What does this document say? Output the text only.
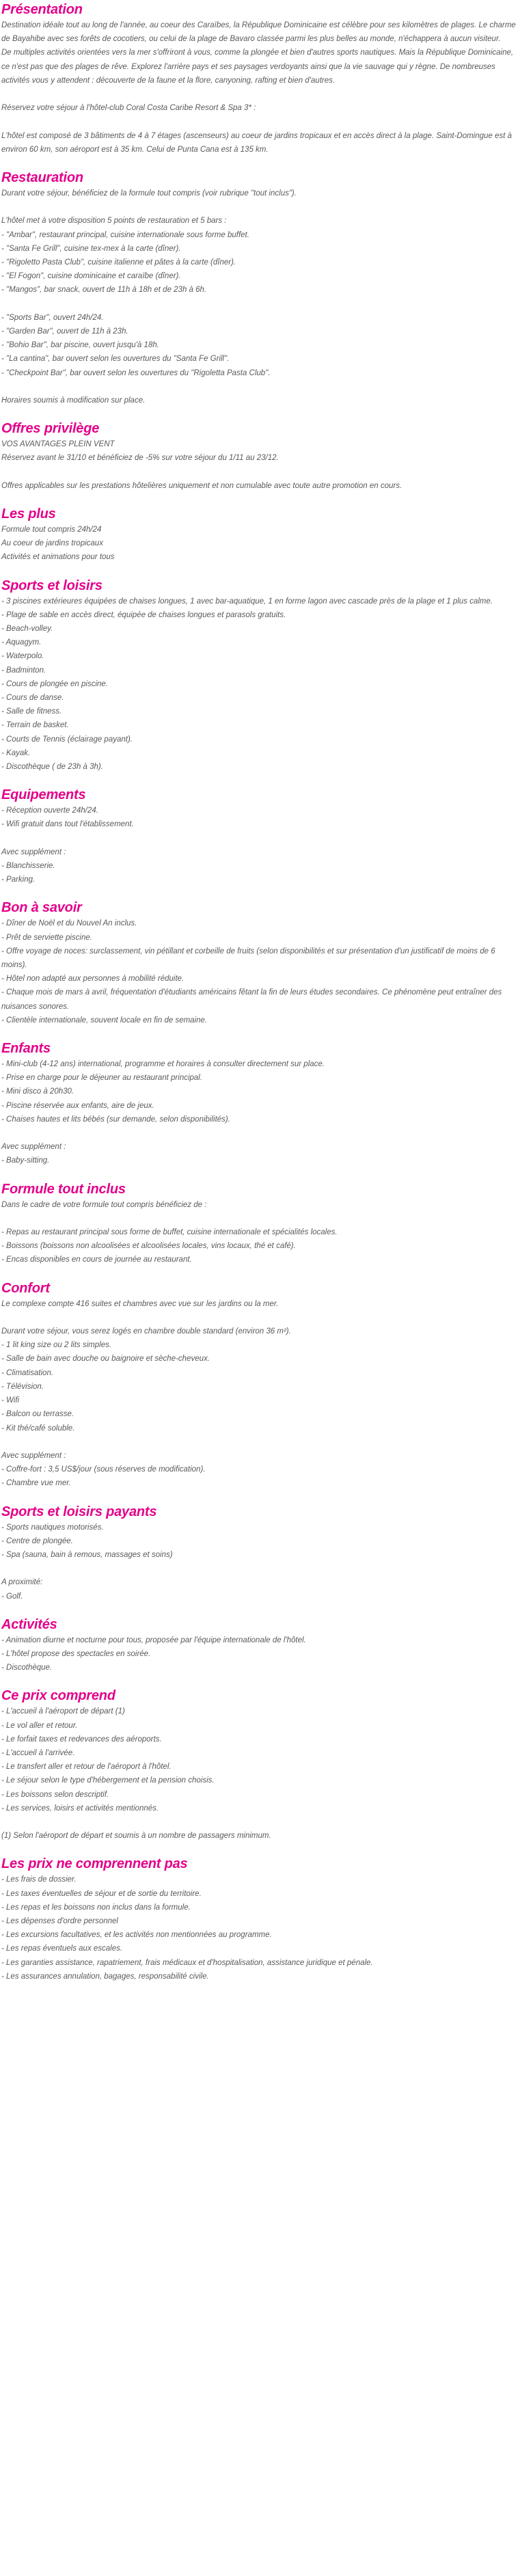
Présentation
Destination idéale tout au long de l'année, au coeur des Caraïbes, la République Dominicaine est célèbre pour ses kilomètres de plages. Le charme de Bayahibe avec ses forêts de cocotiers, ou celui de la plage de Bavaro classée parmi les plus belles au monde, n'échappera à aucun visiteur.
De multiples activités orientées vers la mer s'offriront à vous, comme la plongée et bien d'autres sports nautiques. Mais la République Dominicaine, ce n'est pas que des plages de rêve. Explorez l'arrière pays et ses paysages verdoyants ainsi que la vie sauvage qui y règne. De nombreuses activités vous y attendent : découverte de la faune et la flore, canyoning, rafting et bien d'autres.
Réservez votre séjour à l'hôtel-club Coral Costa Caribe Resort & Spa 3* :
L'hôtel est composé de 3 bâtiments de 4 à 7 étages (ascenseurs) au coeur de jardins tropicaux et en accès direct à la plage. Saint-Domingue est à environ 60 km, son aéroport est à 35 km. Celui de Punta Cana est à 135 km.
Restauration
Durant votre séjour, bénéficiez de la formule tout compris (voir rubrique "tout inclus").
L'hôtel met à votre disposition 5 points de restauration et 5 bars :
- "Ambar", restaurant principal, cuisine internationale sous forme buffet.
- "Santa Fe Grill", cuisine tex-mex à la carte (dîner).
- "Rigoletto Pasta Club", cuisine italienne et pâtes à la carte (dîner).
- "El Fogon", cuisine dominicaine et caraïbe (dîner).
- "Mangos", bar snack, ouvert de 11h à 18h et de 23h à 6h.
- "Sports Bar", ouvert 24h/24.
- "Garden Bar", ouvert de 11h à 23h.
- "Bohio Bar", bar piscine, ouvert jusqu'à 18h.
- "La cantina", bar ouvert selon les ouvertures du "Santa Fe Grill".
- "Checkpoint Bar", bar ouvert selon les ouvertures du "Rigoletta Pasta Club".
Horaires soumis à modification sur place.
Offres privilège
VOS AVANTAGES PLEIN VENT
Réservez avant le 31/10 et bénéficiez de -5% sur votre séjour du 1/11 au 23/12.
Offres applicables sur les prestations hôtelières uniquement et non cumulable avec toute autre promotion en cours.
Les plus
Formule tout compris 24h/24
Au coeur de jardins tropicaux
Activités et animations pour tous
Sports et loisirs
- 3 piscines extérieures équipées de chaises longues, 1 avec bar-aquatique, 1 en forme lagon avec cascade près de la plage et 1 plus calme.
- Plage de sable en accès direct, équipée de chaises longues et parasols gratuits.
- Beach-volley.
- Aquagym.
- Waterpolo.
- Badminton.
- Cours de plongée en piscine.
- Cours de danse.
- Salle de fitness.
- Terrain de basket.
- Courts de Tennis (éclairage payant).
- Kayak.
- Discothèque ( de 23h à 3h).
Equipements
- Réception ouverte 24h/24.
- Wifi gratuit dans tout l'établissement.
Avec supplément :
- Blanchisserie.
- Parking.
Bon à savoir
- Dîner de Noël et du Nouvel An inclus.
- Prêt de serviette piscine.
- Offre voyage de noces: surclassement, vin pétillant et corbeille de fruits (selon disponibilités et sur présentation d'un justificatif de moins de 6 moins).
- Hôtel non adapté aux personnes à mobilité réduite.
- Chaque mois de mars à avril, fréquentation d'étudiants américains fêtant la fin de leurs études secondaires. Ce phénomène peut entraîner des nuisances sonores.
- Clientèle internationale, souvent locale en fin de semaine.
Enfants
- Mini-club (4-12 ans) international, programme et horaires à consulter directement sur place.
- Prise en charge pour le déjeuner au restaurant principal.
- Mini disco à 20h30.
- Piscine réservée aux enfants, aire de jeux.
- Chaises hautes et lits bébés (sur demande, selon disponibilités).
Avec supplément :
- Baby-sitting.
Formule tout inclus
Dans le cadre de votre formule tout compris bénéficiez de :
- Repas au restaurant principal sous forme de buffet, cuisine internationale et spécialités locales.
- Boissons (boissons non alcoolisées et alcoolisées locales, vins locaux, thé et café).
- Encas disponibles en cours de journée au restaurant.
Confort
Le complexe compte 416 suites et chambres avec vue sur les jardins ou la mer.
Durant votre séjour, vous serez logés en chambre double standard (environ 36 m²).
- 1 lit king size ou 2 lits simples.
- Salle de bain avec douche ou baignoire et sèche-cheveux.
- Climatisation.
- Télévision.
- Wifi
- Balcon ou terrasse.
- Kit thé/café soluble.
Avec supplément :
- Coffre-fort : 3,5 US$/jour (sous réserves de modification).
- Chambre vue mer.
Sports et loisirs payants
- Sports nautiques motorisés.
- Centre de plongée.
- Spa (sauna, bain à remous, massages et soins)
A proximité:
- Golf.
Activités
- Animation diurne et nocturne pour tous, proposée par l'équipe internationale de l'hôtel.
- L'hôtel propose des spectacles en soirée.
- Discothèque.
Ce prix comprend
- L'accueil à l'aéroport de départ (1)
- Le vol aller et retour.
- Le forfait taxes et redevances des aéroports.
- L'accueil à l'arrivée.
- Le transfert aller et retour de l'aéroport à l'hôtel.
- Le séjour selon le type d'hébergement et la pension choisis.
- Les boissons selon descriptif.
- Les services, loisirs et activités mentionnés.
(1) Selon l'aéroport de départ et soumis à un nombre de passagers minimum.
Les prix ne comprennent pas
- Les frais de dossier.
- Les taxes éventuelles de séjour et de sortie du territoire.
- Les repas et les boissons non inclus dans la formule.
- Les dépenses d'ordre personnel
- Les excursions facultatives, et les activités non mentionnées au programme.
- Les repas éventuels aux escales.
- Les garanties assistance, rapatriement, frais médicaux et d'hospitalisation, assistance juridique et pénale.
- Les assurances annulation, bagages, responsabilité civile.
